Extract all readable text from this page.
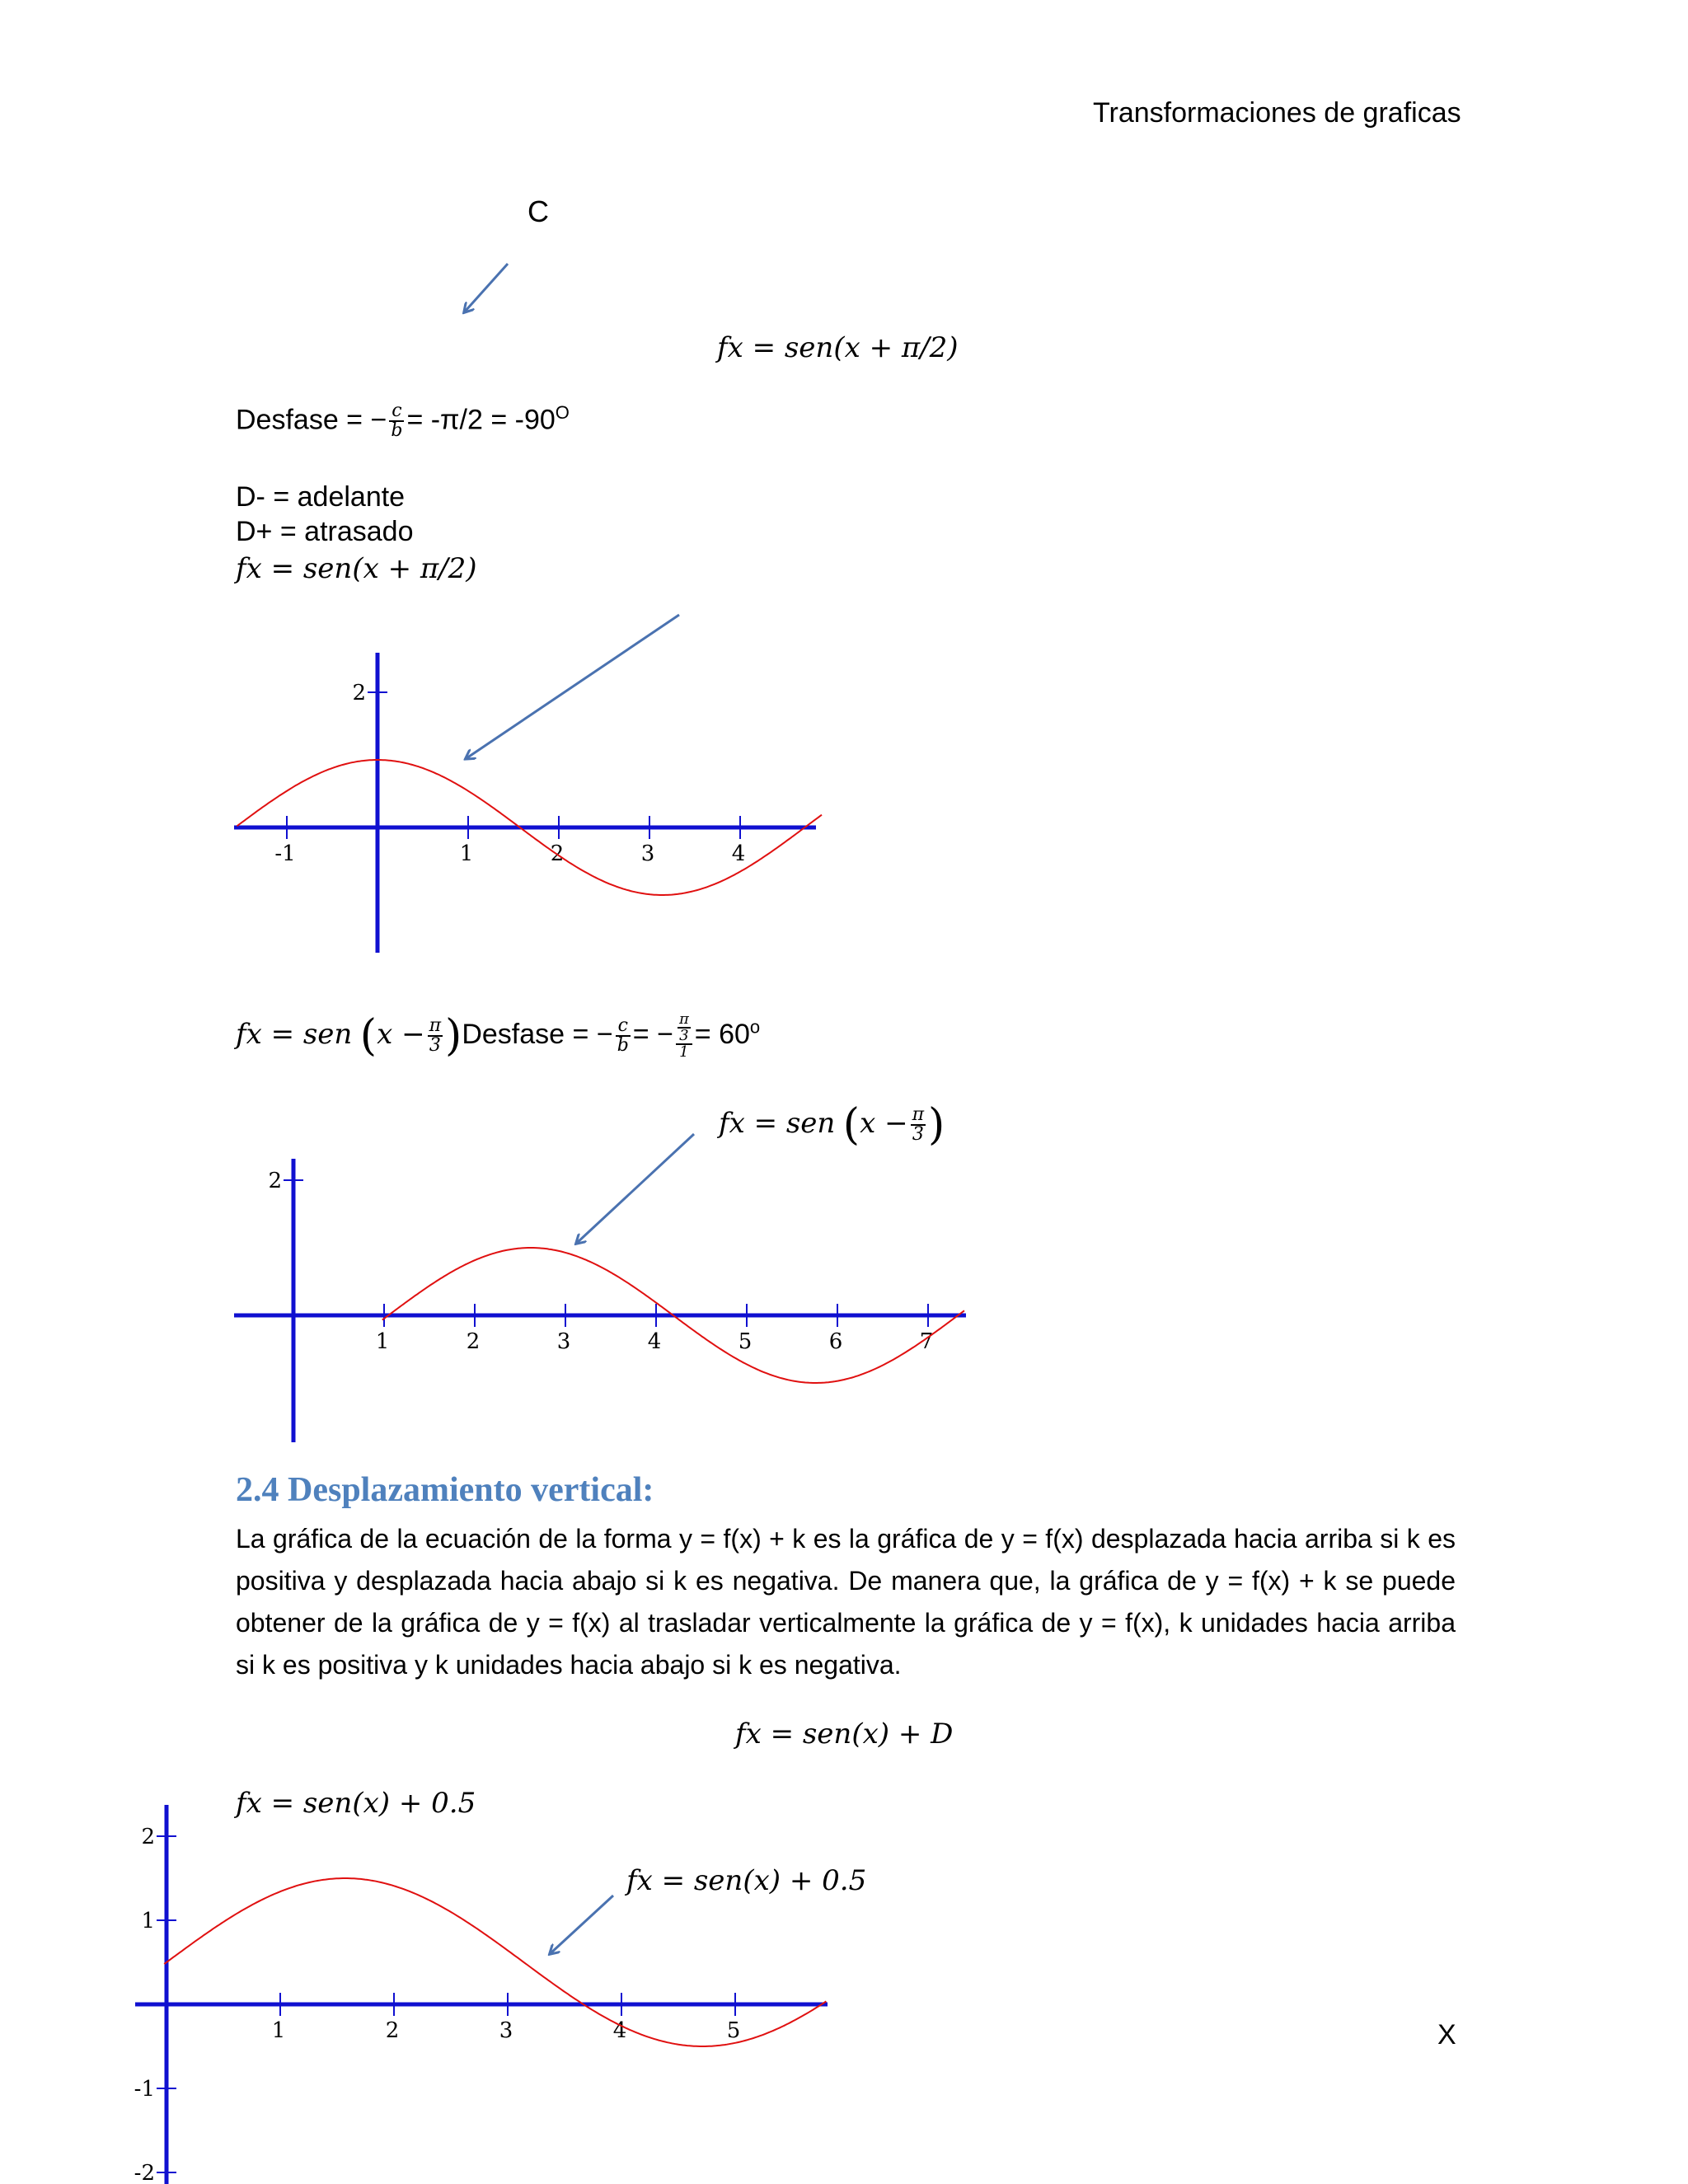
Transformaciones de graficas
C
fx = sen(x + π/2)
Desfase = − $\frac{c}{b} = -\pi/2 = -90^O$
D- = adelante
D+ = atrasado
fx = sen(x + π/2)
fx = sen ($x - \frac{\pi}{3}$ )Desfase = − $\frac{c}{b}$ = − $\frac{\frac{\pi}{3}}{1} = 60^o$
fx = sen ($x - \frac{\pi}{3}$ )
2.4 Desplazamiento vertical:
La gráfica de la ecuación de la forma y = f(x) + k es la gráfica de y = f(x) desplazada hacia arriba si k es positiva y desplazada hacia abajo si k es negativa. De manera que, la gráfica de y = f(x) + k se puede obtener de la gráfica de y = f(x) al trasladar verticalmente la gráfica de y = f(x), k unidades hacia arriba si k es positiva y k unidades hacia abajo si k es negativa.
fx = sen(x) + D
fx = sen(x) + 0.5
fx = sen(x) + 0.5
X
-1	1	2	3	4
2
1	2	3	4	5	6	7
2
1	2	3	4	5
2
1
-1
-2
